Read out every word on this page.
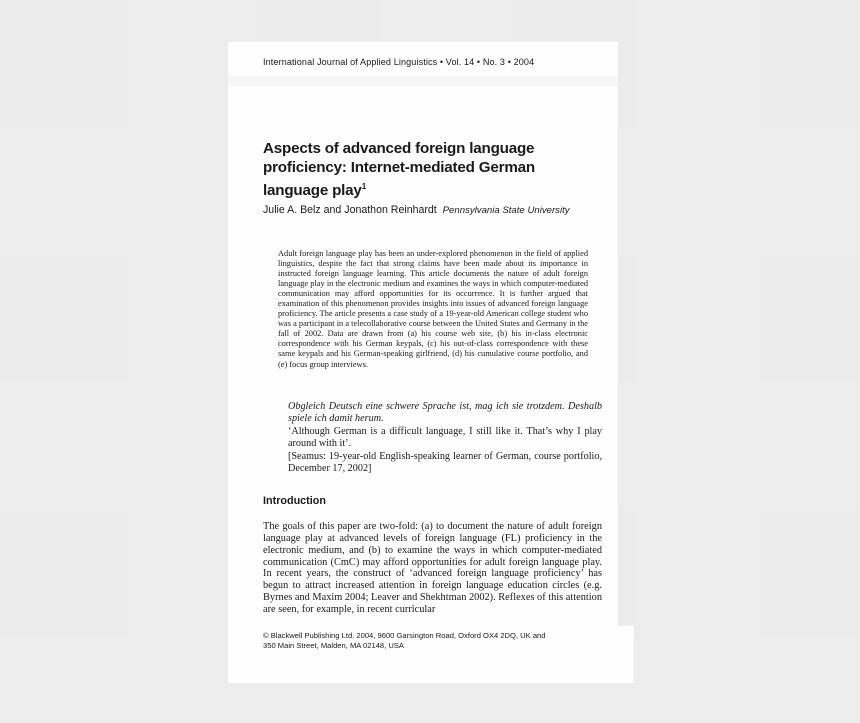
International Journal of Applied Linguistics • Vol. 14 • No. 3 • 2004
Aspects of advanced foreign language proficiency: Internet-mediated German language play$^1$
Julie A. Belz and Jonathon Reinhardt Pennsylvania State University
Adult foreign language play has been an under-explored phenomenon in the field of applied linguistics, despite the fact that strong claims have been made about its importance in instructed foreign language learning. This article documents the nature of adult foreign language play in the electronic medium and examines the ways in which computer-mediated communication may afford opportunities for its occurrence. It is further argued that examination of this phenomenon provides insights into issues of advanced foreign language proficiency. The article presents a case study of a 19-year-old American college student who was a participant in a telecollaborative course between the United States and Germany in the fall of 2002. Data are drawn from (a) his course web site, (b) his in-class electronic correspondence with his German keypals, (c) his out-of-class correspondence with these same keypals and his German-speaking girlfriend, (d) his cumulative course portfolio, and (e) focus group interviews.

Obgleich Deutsch eine schwere Sprache ist, mag ich sie trotzdem. Deshalb spiele ich damit herum.

‘Although German is a difficult language, I still like it. That’s why I play around with it’.

[Seamus: 19-year-old English-speaking learner of German, course portfolio, December 17, 2002]

Introduction
The goals of this paper are two-fold: (a) to document the nature of adult foreign language play at advanced levels of foreign language (FL) proficiency in the electronic medium, and (b) to examine the ways in which computer-mediated communication (CmC) may afford opportunities for adult foreign language play. In recent years, the construct of ‘advanced foreign language proficiency’ has begun to attract increased attention in foreign language education circles (e.g. Byrnes and Maxim 2004; Leaver and Shekhtman 2002). Reflexes of this attention are seen, for example, in recent curricular
© Blackwell Publishing Ltd. 2004, 9600 Garsington Road, Oxford OX4 2DQ, UK and
350 Main Street, Malden, MA 02148, USA
